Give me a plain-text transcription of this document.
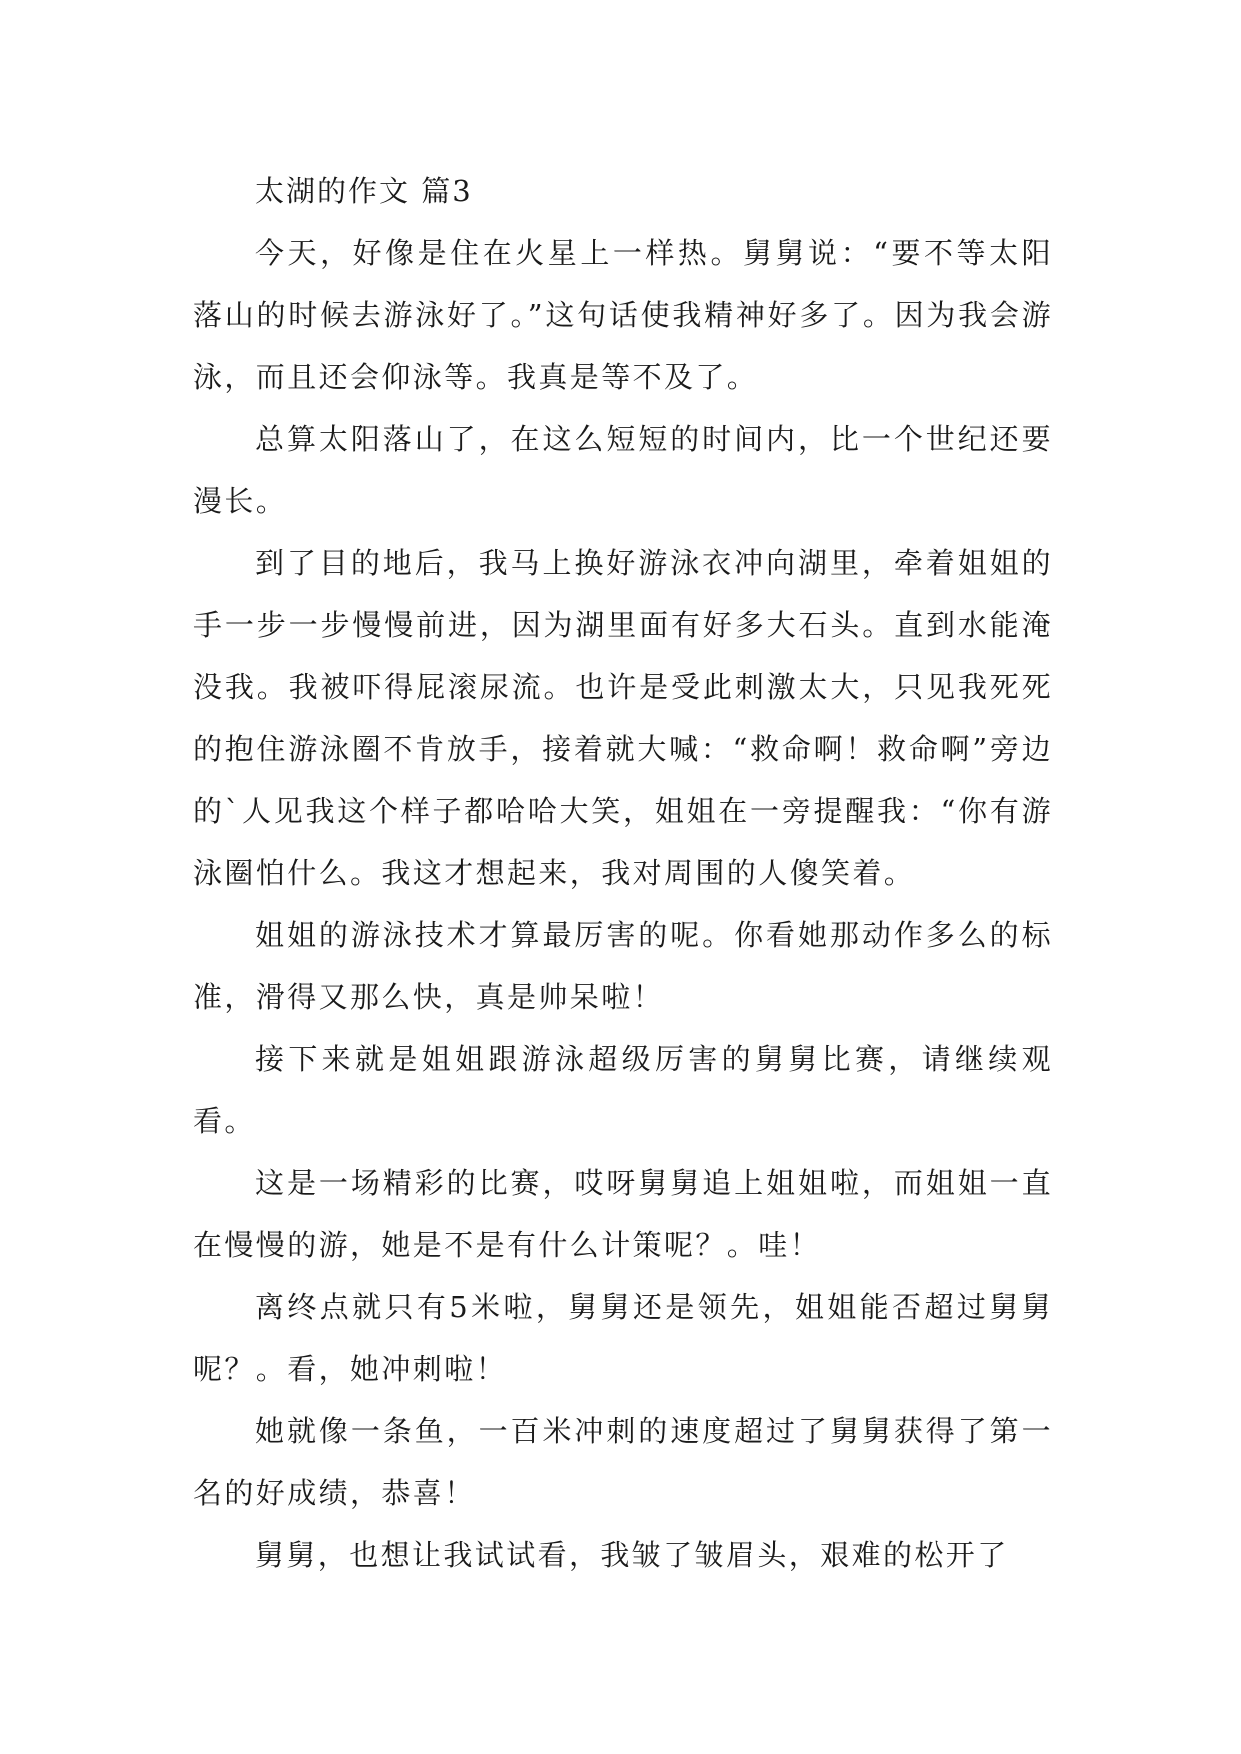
太湖的作文 篇3

今天，好像是住在火星上一样热。舅舅说：“要不等太阳落山的时候去游泳好了。”这句话使我精神好多了。因为我会游泳，而且还会仰泳等。我真是等不及了。

总算太阳落山了，在这么短短的时间内，比一个世纪还要漫长。

到了目的地后，我马上换好游泳衣冲向湖里，牵着姐姐的手一步一步慢慢前进，因为湖里面有好多大石头。直到水能淹没我。我被吓得屁滚尿流。也许是受此刺激太大，只见我死死的抱住游泳圈不肯放手，接着就大喊：“救命啊！救命啊”旁边的`人见我这个样子都哈哈大笑，姐姐在一旁提醒我：“你有游泳圈怕什么。我这才想起来，我对周围的人傻笑着。

姐姐的游泳技术才算最厉害的呢。你看她那动作多么的标准，滑得又那么快，真是帅呆啦！

接下来就是姐姐跟游泳超级厉害的舅舅比赛，请继续观看。

这是一场精彩的比赛，哎呀舅舅追上姐姐啦，而姐姐一直在慢慢的游，她是不是有什么计策呢？。哇！

离终点就只有5米啦，舅舅还是领先，姐姐能否超过舅舅呢？。看，她冲刺啦！

她就像一条鱼，一百米冲刺的速度超过了舅舅获得了第一名的好成绩，恭喜！

舅舅，也想让我试试看，我皱了皱眉头，艰难的松开了
